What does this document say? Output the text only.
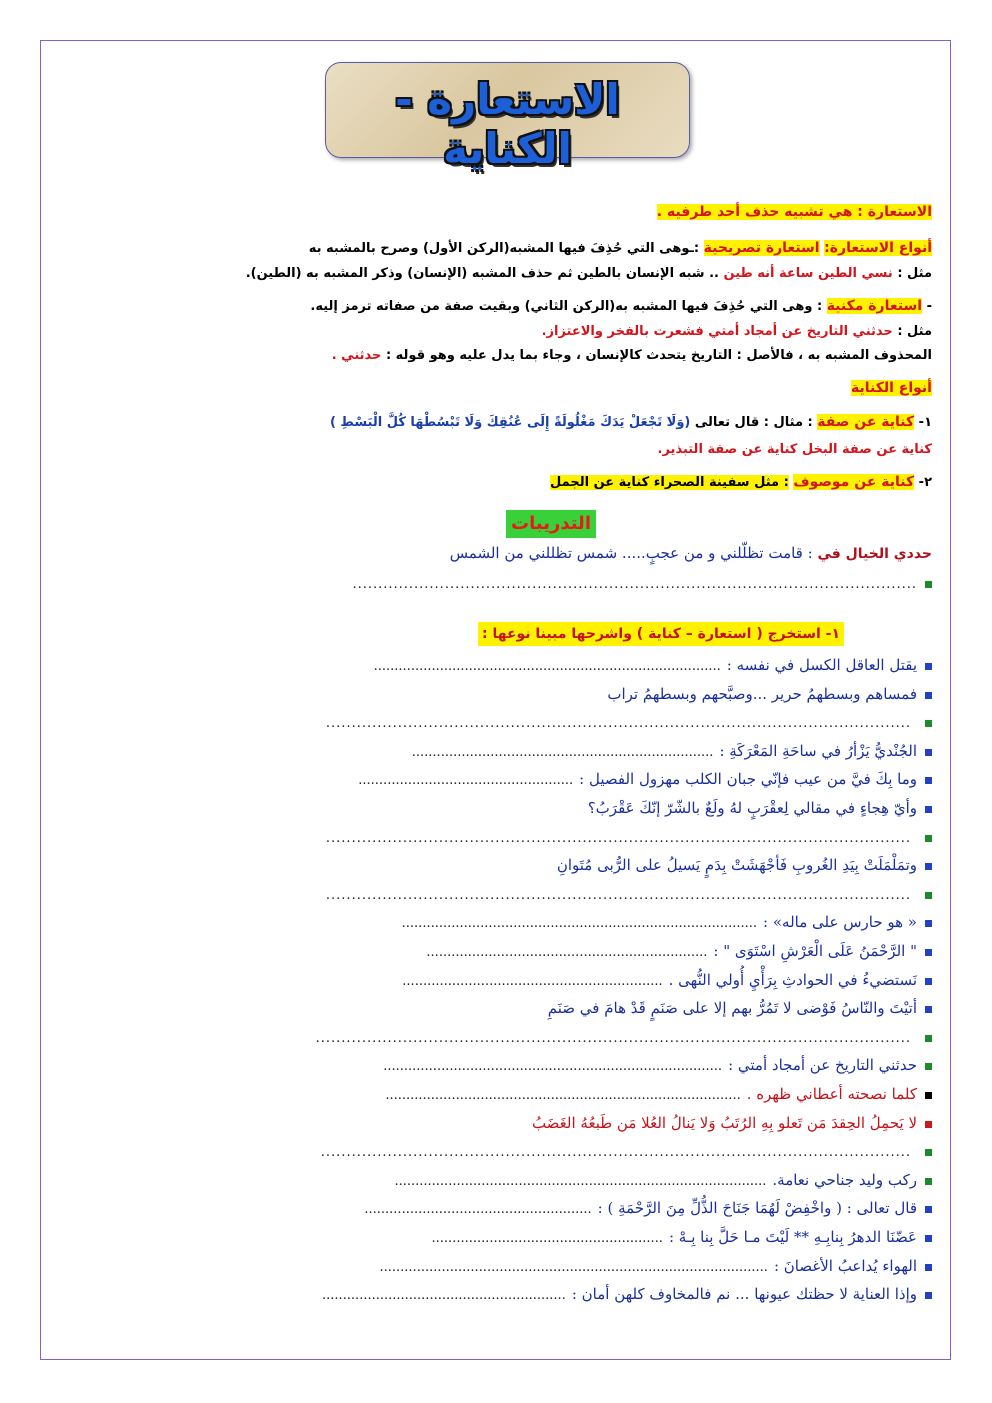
الاستعارة - الكناية
الاستعارة : هي تشبيه حذف أحد طرفيه .
أنواع الاستعارة: استعارة تصريحية :ـوهى التي حُذِفَ فيها المشبه(الركن الأول) وصرح بالمشبه به
مثل : نسي الطين ساعة أنه طين .. شبه الإنسان بالطين ثم حذف المشبه (الإنسان) وذكر المشبه به (الطين).
- استعارة مكنية : وهى التي حُذِفَ فيها المشبه به(الركن الثاني) وبقيت صفة من صفاته ترمز إليه.
مثل : حدثني التاريخ عن أمجاد أمتي فشعرت بالفخر والاعتزاز.
المحذوف المشبه به ، فالأصل : التاريخ يتحدث كالإنسان ، وجاء بما يدل عليه وهو قوله : حدثني .
أنواع الكناية
١- كناية عن صفة : مثال : قال تعالى (وَلَا تَجْعَلْ يَدَكَ مَغْلُولَةً إِلَى عُنُقِكَ وَلَا تَبْسُطْهَا كُلَّ الْبَسْطِ )
كناية عن صفة البخل كناية عن صفة التبذير.
٢- كناية عن موصوف : مثل سفينة الصحراء كناية عن الجمل
التدريبات
حددي الخيال في : قامت تظلّلني و من عجبٍ..... شمس تظللني من الشمس
..............................................................................................................
١- استخرج ( استعارة – كناية ) واشرحها مبينا نوعها :
يقتل العاقل الكسل في نفسه :....................................................................................
فمساهم وبسطهمُ حرير ...وصبَّحهم وبسطهمُ تراب
..................................................................................................................
الجُنْديُّ يَزْأرُ في ساحَةِ المَعْرَكَةِ :.........................................................................
وما بِكَ فيَّ من عيب فإنّي جبان الكلب مهزول الفصيل :....................................................
وأيّ هِجاءٍ في مقالي لِعقْرَبٍ لهُ ولَعٌ بالشّرّ إنّكَ عَقْرَبُ؟
..................................................................................................................
وتمَلْمَلَتْ بِيَدِ الغُروبِ فَأجْهَشَتْ بِدَمٍ يَسيلُ على الرُّبى مُتَوانِ
..................................................................................................................
« هو حارس على ماله» :......................................................................................
" الرَّحْمَنُ عَلَى الْعَرْشِ اسْتَوَى " :....................................................................
نَستضيءُ في الحوادثِ بِرَأْيِ أُولي النُّهى ................................................................
أتيْتَ والنّاسُ فَوْضى لا تَمُرُّ بهم إلا على صَنَمٍ قَدْ هامَ في صَنَمِ
....................................................................................................................
حدثني التاريخ عن أمجاد أمتي :..................................................................................
كلما نصحته أعطاني ظهره .......................................................................................
لا يَحمِلُ الحِقدَ مَن تَعلو بِهِ الرُتَبُ وَلا يَنالُ العُلا مَن طَبعُهُ الغَضَبُ
...................................................................................................................
ركب وليد جناحي نعامة...........................................................................................
قال تعالى : ( واخْفِضْ لَهُمَا جَنَاحَ الذُّلِّ مِنَ الرَّحْمَةِ ) :.......................................................
عَضّنَا الدهرُ بِنابِـهِ ** لَيْتَ مـا حَلَّ بِنا بِـهْ :........................................................
الهواء يُداعبُ الأغصانَ :..............................................................................................
وإذا العناية لا حظتك عيونها ... نم فالمخاوف كلهن أمان :...........................................................
